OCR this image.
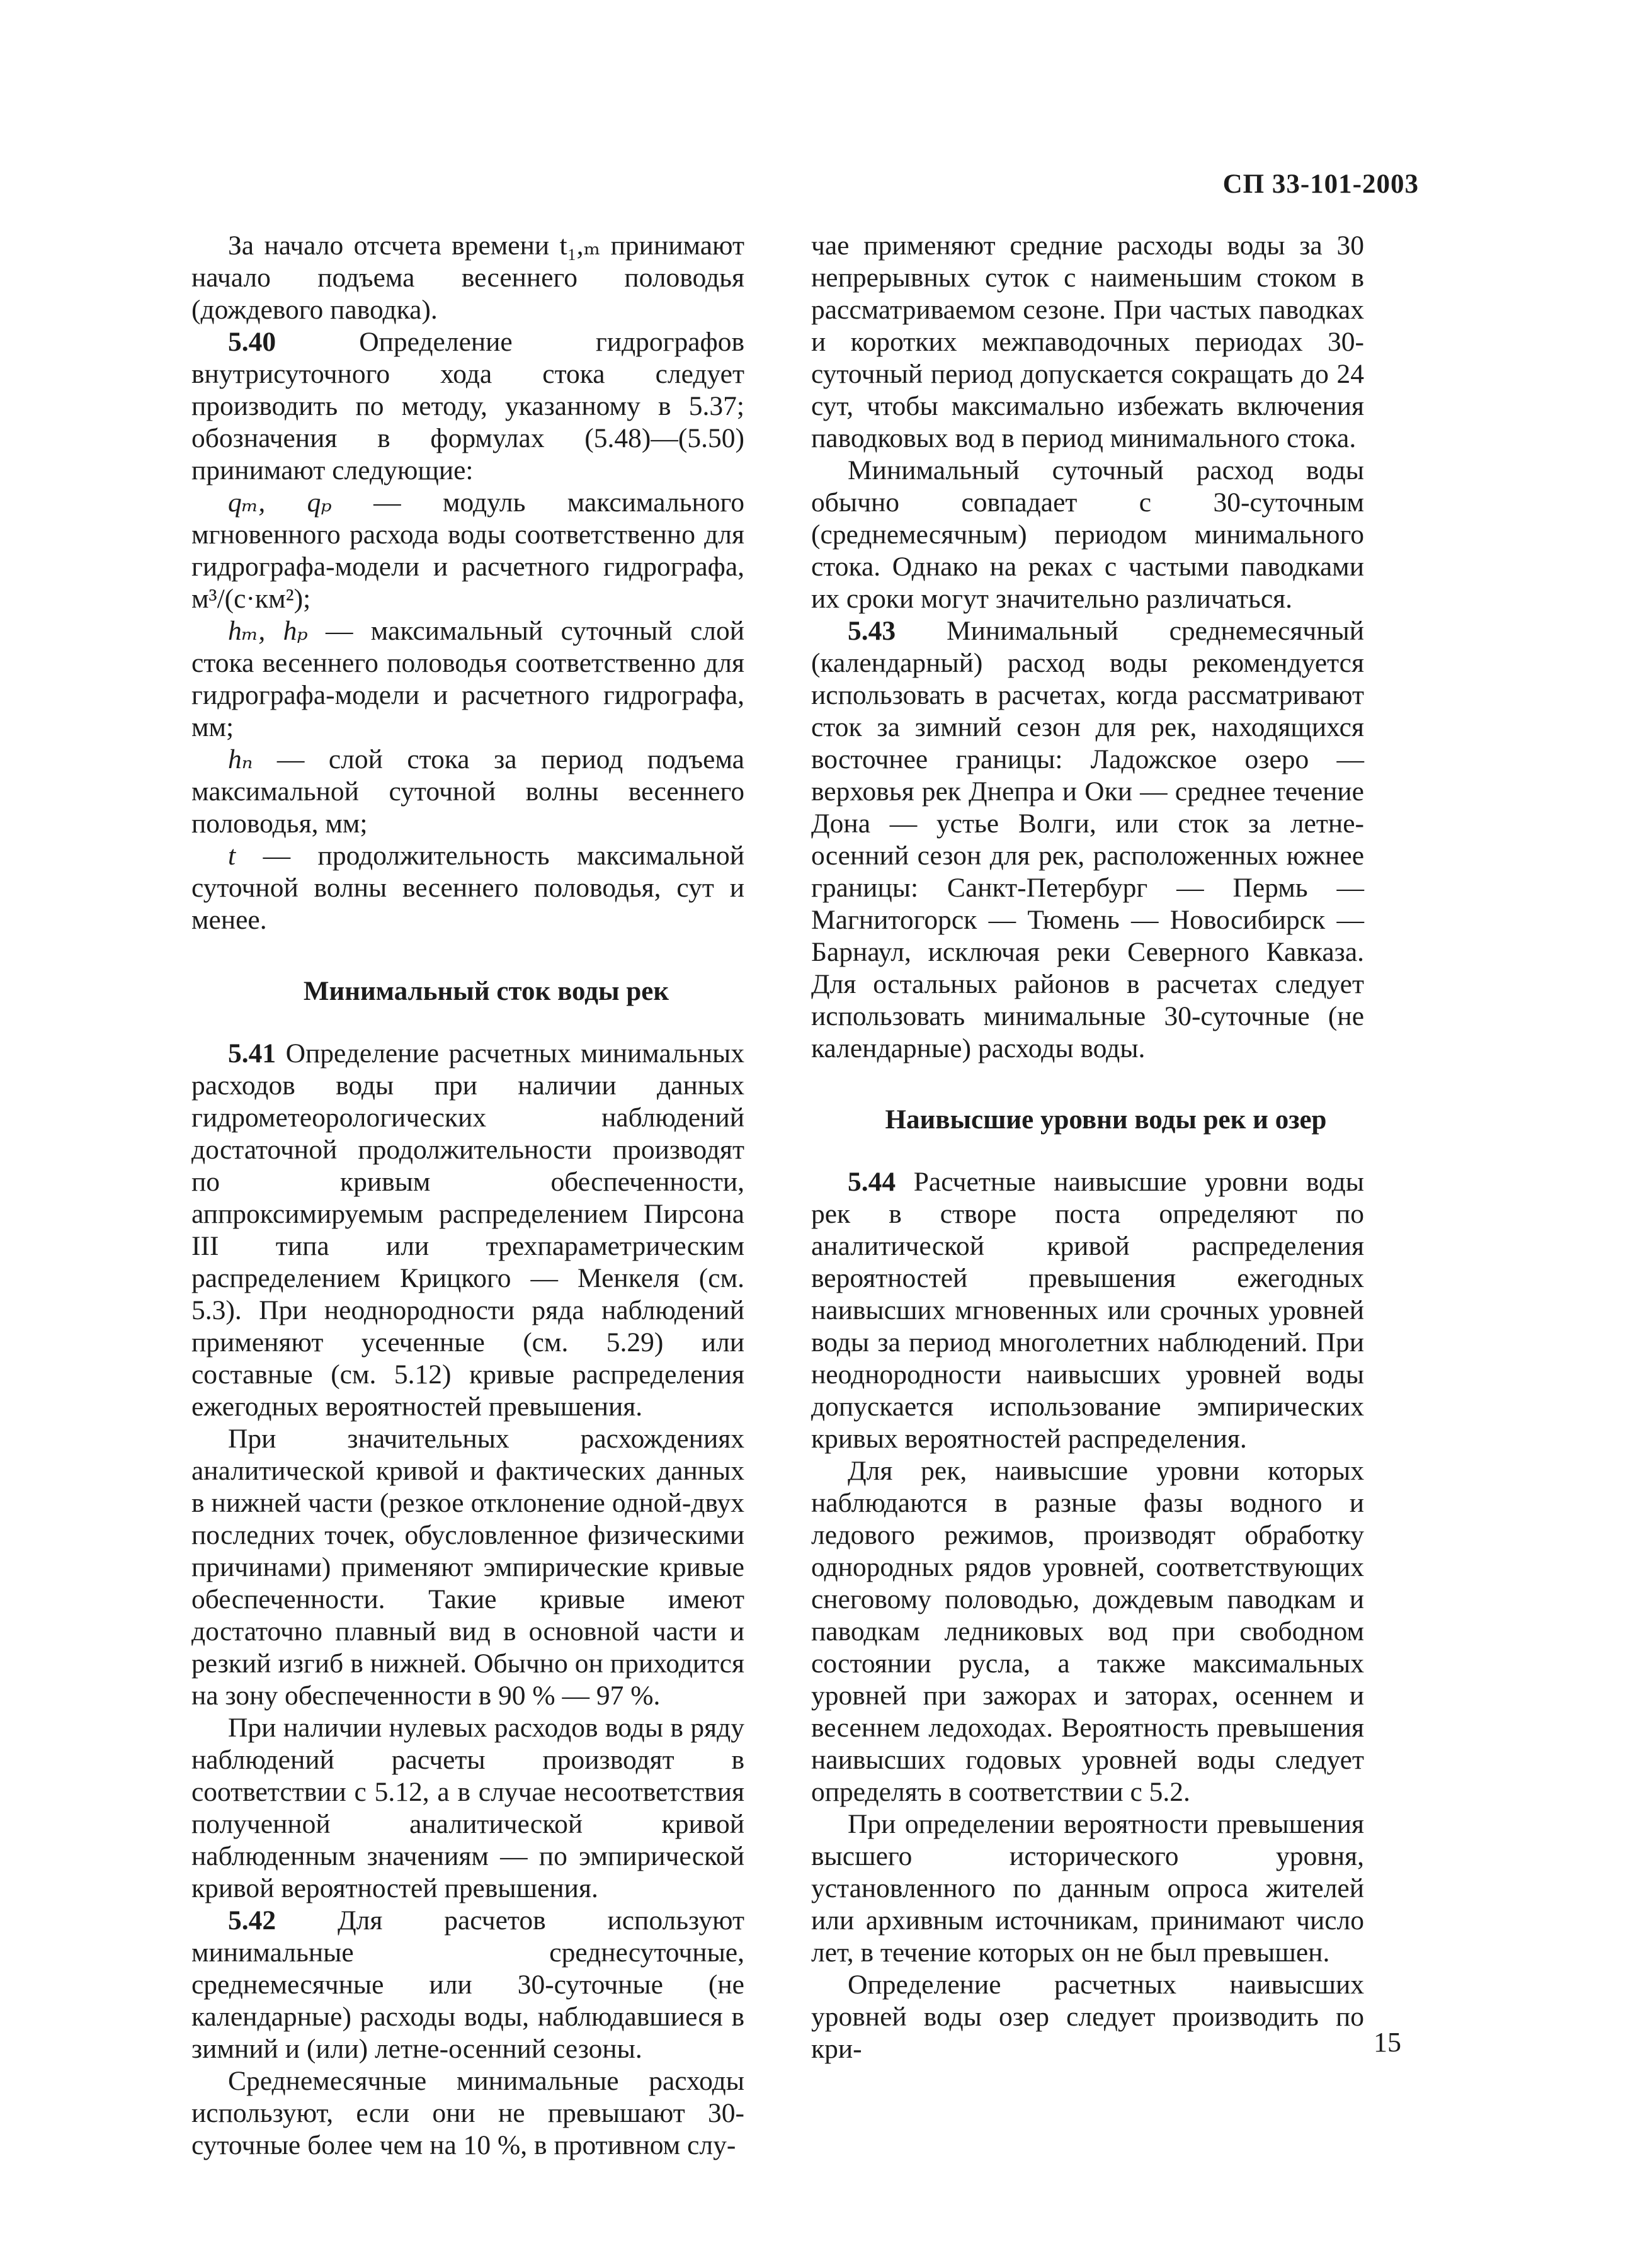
СП 33-101-2003

За начало отсчета времени t₁,ₘ принимают начало подъема весеннего половодья (дождевого паводка).

5.40 Определение гидрографов внутрисуточного хода стока следует производить по методу, указанному в 5.37; обозначения в формулах (5.48)—(5.50) принимают следующие:

qₘ, qₚ — модуль максимального мгновенного расхода воды соответственно для гидрографа-модели и расчетного гидрографа, м³/(с·км²);

hₘ, hₚ — максимальный суточный слой стока весеннего половодья соответственно для гидрографа-модели и расчетного гидрографа, мм;

hₙ — слой стока за период подъема максимальной суточной волны весеннего половодья, мм;

t — продолжительность максимальной суточной волны весеннего половодья, сут и менее.

Минимальный сток воды рек

5.41 Определение расчетных минимальных расходов воды при наличии данных гидрометеорологических наблюдений достаточной продолжительности производят по кривым обеспеченности, аппроксимируемым распределением Пирсона III типа или трехпараметрическим распределением Крицкого — Менкеля (см. 5.3). При неоднородности ряда наблюдений применяют усеченные (см. 5.29) или составные (см. 5.12) кривые распределения ежегодных вероятностей превышения.

При значительных расхождениях аналитической кривой и фактических данных в нижней части (резкое отклонение одной-двух последних точек, обусловленное физическими причинами) применяют эмпирические кривые обеспеченности. Такие кривые имеют достаточно плавный вид в основной части и резкий изгиб в нижней. Обычно он приходится на зону обеспеченности в 90 % — 97 %.

При наличии нулевых расходов воды в ряду наблюдений расчеты производят в соответствии с 5.12, а в случае несоответствия полученной аналитической кривой наблюденным значениям — по эмпирической кривой вероятностей превышения.

5.42 Для расчетов используют минимальные среднесуточные, среднемесячные или 30-суточные (не календарные) расходы воды, наблюдавшиеся в зимний и (или) летне-осенний сезоны.

Среднемесячные минимальные расходы используют, если они не превышают 30-суточные более чем на 10 %, в противном слу-

чае применяют средние расходы воды за 30 непрерывных суток с наименьшим стоком в рассматриваемом сезоне. При частых паводках и коротких межпаводочных периодах 30-суточный период допускается сокращать до 24 сут, чтобы максимально избежать включения паводковых вод в период минимального стока.

Минимальный суточный расход воды обычно совпадает с 30-суточным (среднемесячным) периодом минимального стока. Однако на реках с частыми паводками их сроки могут значительно различаться.

5.43 Минимальный среднемесячный (календарный) расход воды рекомендуется использовать в расчетах, когда рассматривают сток за зимний сезон для рек, находящихся восточнее границы: Ладожское озеро — верховья рек Днепра и Оки — среднее течение Дона — устье Волги, или сток за летне-осенний сезон для рек, расположенных южнее границы: Санкт-Петербург — Пермь — Магнитогорск — Тюмень — Новосибирск — Барнаул, исключая реки Северного Кавказа. Для остальных районов в расчетах следует использовать минимальные 30-суточные (не календарные) расходы воды.

Наивысшие уровни воды рек и озер

5.44 Расчетные наивысшие уровни воды рек в створе поста определяют по аналитической кривой распределения вероятностей превышения ежегодных наивысших мгновенных или срочных уровней воды за период многолетних наблюдений. При неоднородности наивысших уровней воды допускается использование эмпирических кривых вероятностей распределения.

Для рек, наивысшие уровни которых наблюдаются в разные фазы водного и ледового режимов, производят обработку однородных рядов уровней, соответствующих снеговому половодью, дождевым паводкам и паводкам ледниковых вод при свободном состоянии русла, а также максимальных уровней при зажорах и заторах, осеннем и весеннем ледоходах. Вероятность превышения наивысших годовых уровней воды следует определять в соответствии с 5.2.

При определении вероятности превышения высшего исторического уровня, установленного по данным опроса жителей или архивным источникам, принимают число лет, в течение которых он не был превышен.

Определение расчетных наивысших уровней воды озер следует производить по кри-	15
